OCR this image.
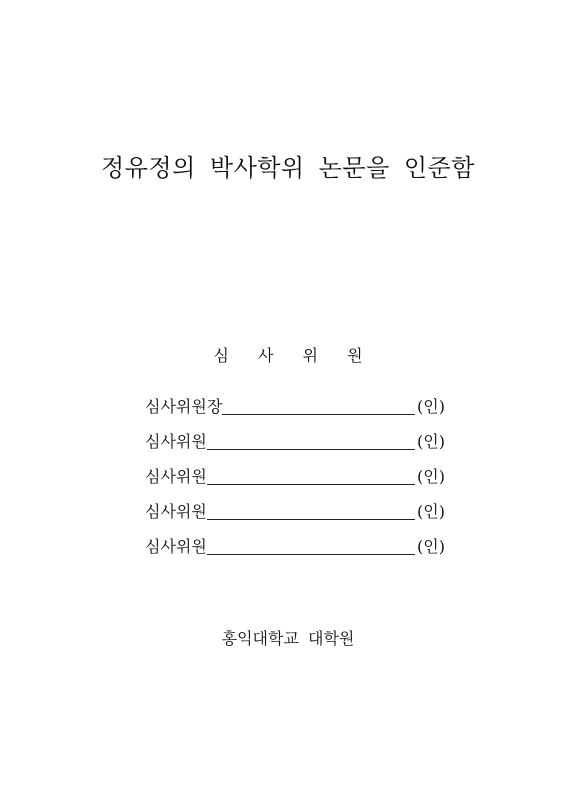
정유정의 박사학위 논문을 인준함
심 사 위 원
심사위원장	(인)
심사위원	(인)
심사위원	(인)
심사위원	(인)
심사위원	(인)
홍익대학교 대학원
